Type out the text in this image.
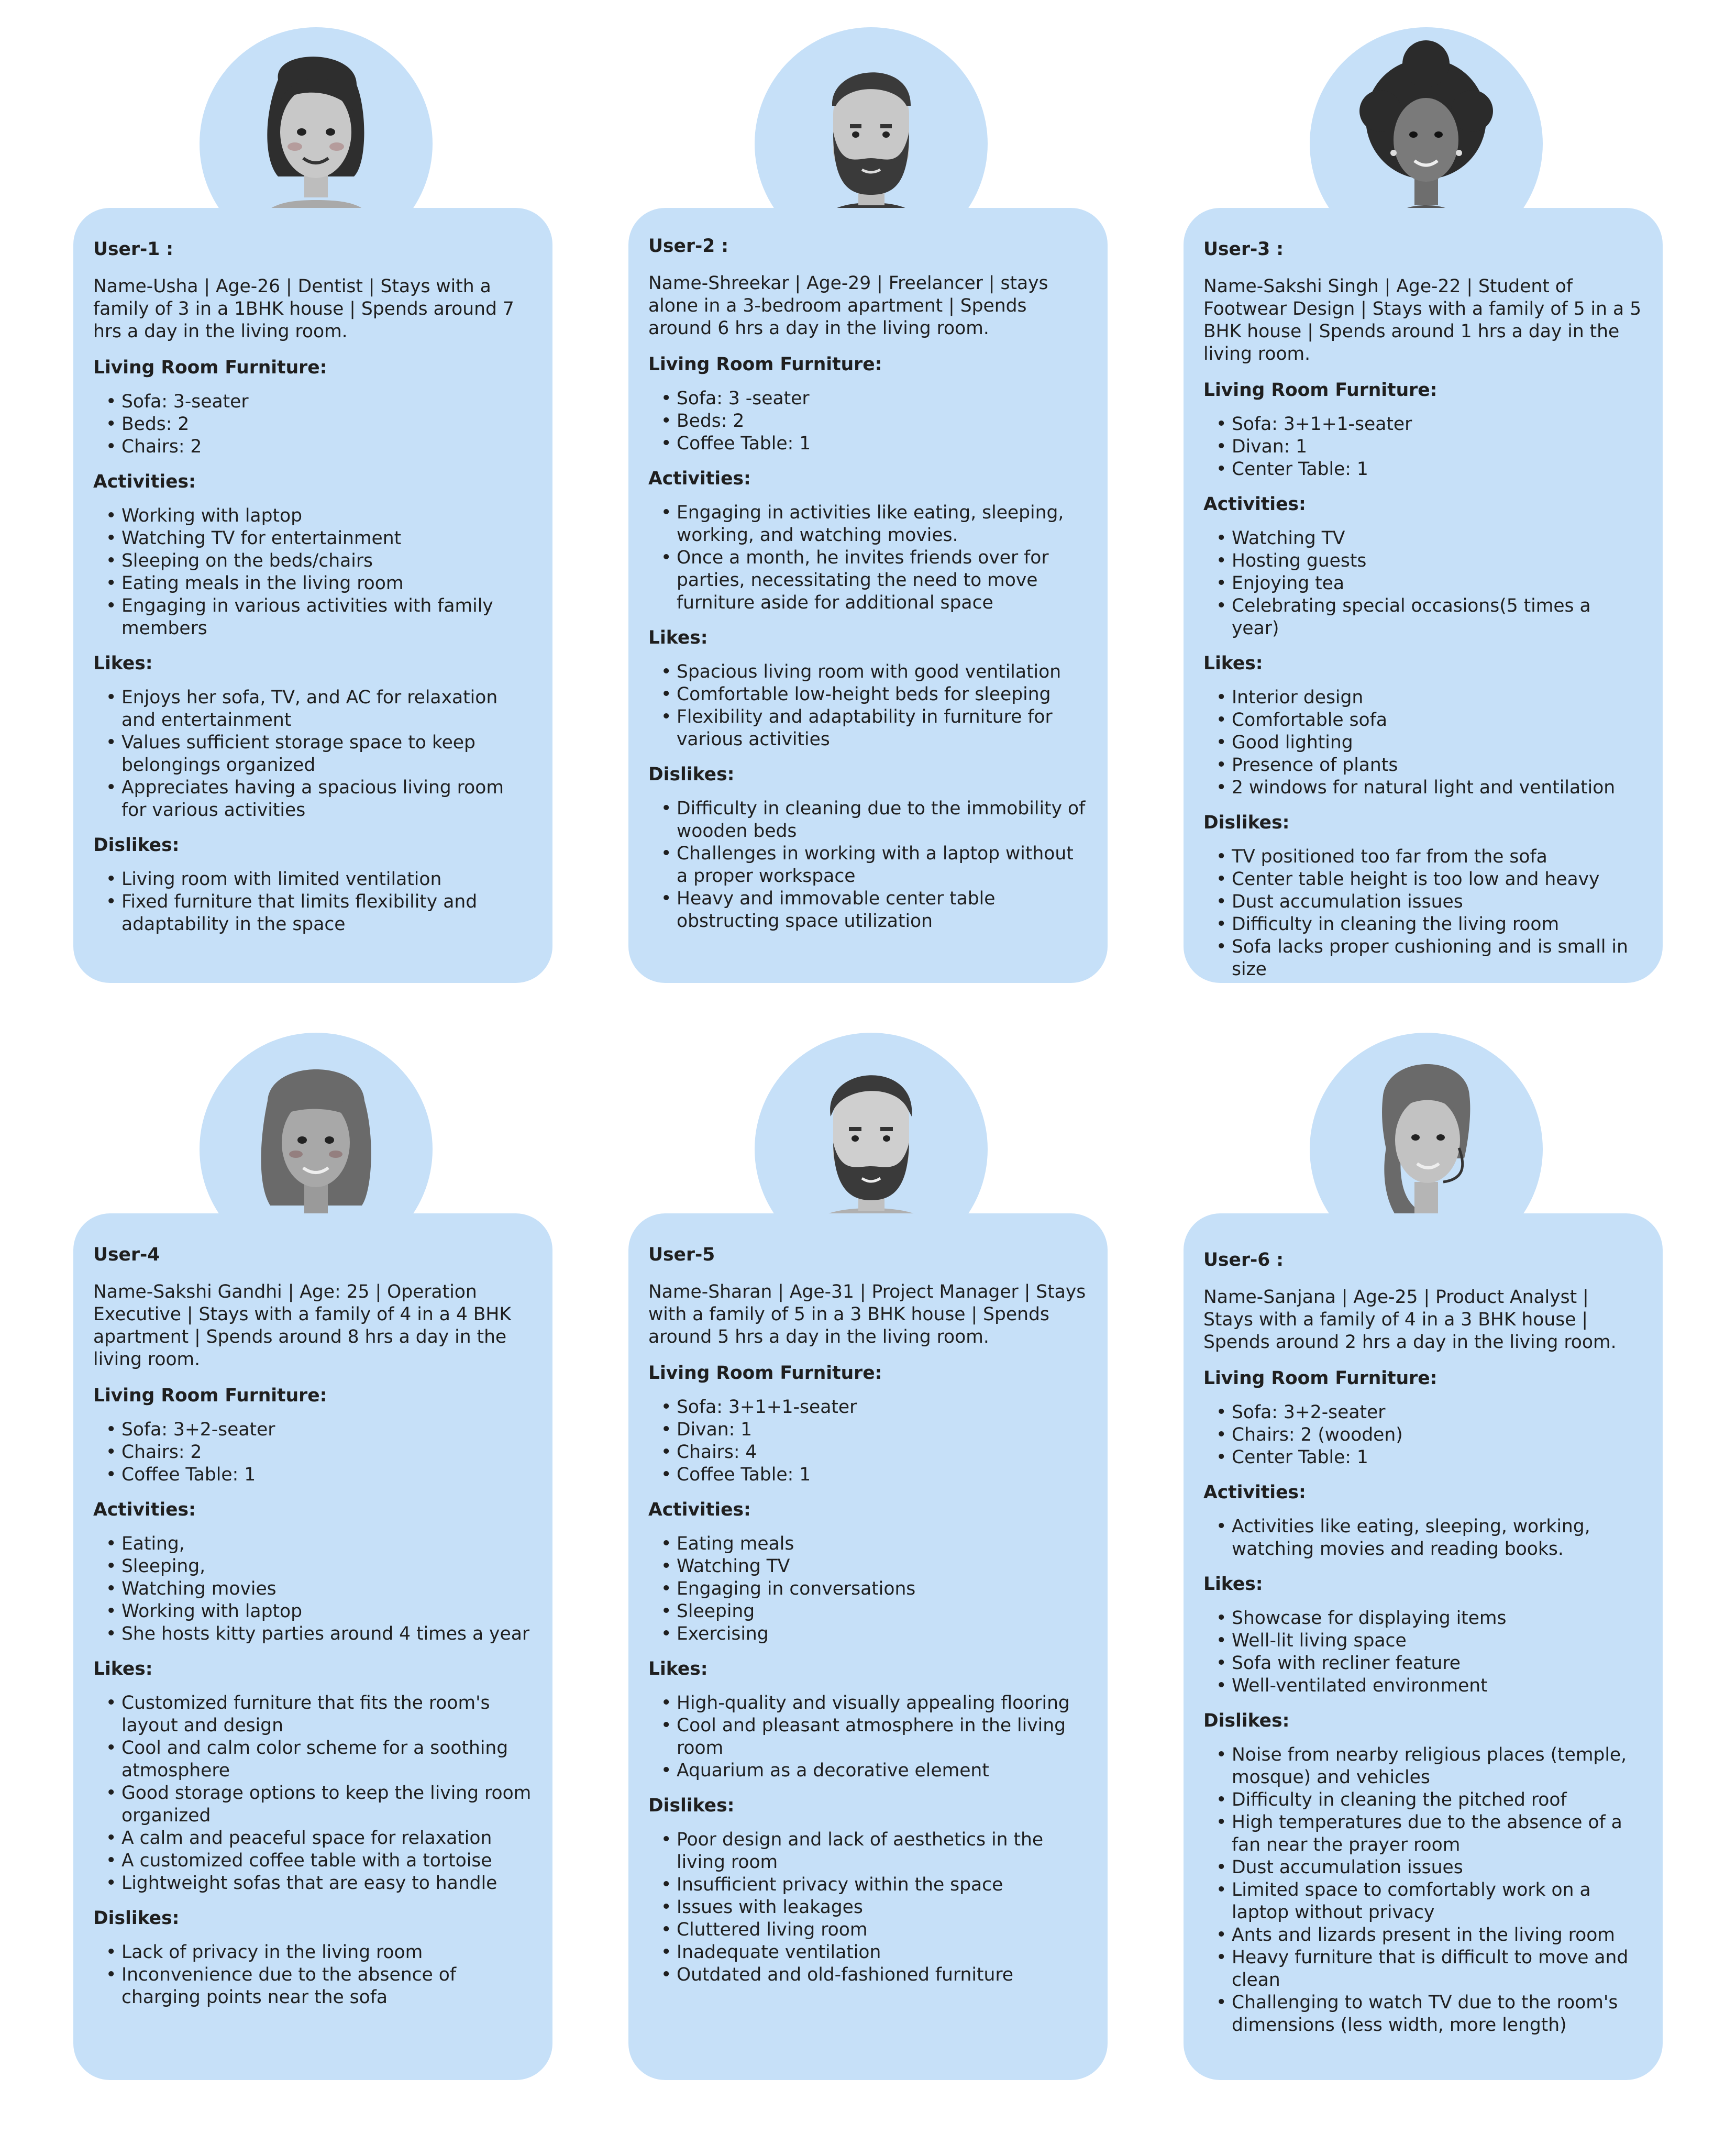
User-1 :

Name-Usha | Age-26 | Dentist | Stays with a family of 3 in a 1BHK house | Spends around 7 hrs a day in the living room.

Living Room Furniture:
• Sofa: 3-seater
• Beds: 2
• Chairs: 2
Activities:
• Working with laptop
• Watching TV for entertainment
• Sleeping on the beds/chairs
• Eating meals in the living room
• Engaging in various activities with family members
Likes:
• Enjoys her sofa, TV, and AC for relaxation and entertainment
• Values sufficient storage space to keep belongings organized
• Appreciates having a spacious living room for various activities
Dislikes:
• Living room with limited ventilation
• Fixed furniture that limits flexibility and adaptability in the space
User-2 :

Name-Shreekar | Age-29 | Freelancer | stays alone in a 3-bedroom apartment | Spends around 6 hrs a day in the living room.

Living Room Furniture:
• Sofa: 3 -seater
• Beds: 2
• Coffee Table: 1
Activities:
• Engaging in activities like eating, sleeping, working, and watching movies.
• Once a month, he invites friends over for parties, necessitating the need to move furniture aside for additional space
Likes:
• Spacious living room with good ventilation
• Comfortable low-height beds for sleeping
• Flexibility and adaptability in furniture for various activities
Dislikes:
• Difficulty in cleaning due to the immobility of wooden beds
• Challenges in working with a laptop without a proper workspace
• Heavy and immovable center table obstructing space utilization
User-3 :

Name-Sakshi Singh | Age-22 | Student of Footwear Design | Stays with a family of 5 in a 5 BHK house | Spends around 1 hrs a day in the living room.

Living Room Furniture:
• Sofa: 3+1+1-seater
• Divan: 1
• Center Table: 1
Activities:
• Watching TV
• Hosting guests
• Enjoying tea
• Celebrating special occasions(5 times a year)
Likes:
• Interior design
• Comfortable sofa
• Good lighting
• Presence of plants
• 2 windows for natural light and ventilation
Dislikes:
• TV positioned too far from the sofa
• Center table height is too low and heavy
• Dust accumulation issues
• Difficulty in cleaning the living room
• Sofa lacks proper cushioning and is small in size
User-4

Name-Sakshi Gandhi | Age: 25 | Operation Executive | Stays with a family of 4 in a 4 BHK apartment | Spends around 8 hrs a day in the living room.

Living Room Furniture:
• Sofa: 3+2-seater
• Chairs: 2
• Coffee Table: 1
Activities:
• Eating,
• Sleeping,
• Watching movies
• Working with laptop
• She hosts kitty parties around 4 times a year
Likes:
• Customized furniture that fits the room's layout and design
• Cool and calm color scheme for a soothing atmosphere
• Good storage options to keep the living room organized
• A calm and peaceful space for relaxation
• A customized coffee table with a tortoise
• Lightweight sofas that are easy to handle
Dislikes:
• Lack of privacy in the living room
• Inconvenience due to the absence of charging points near the sofa
User-5

Name-Sharan | Age-31 | Project Manager | Stays with a family of 5 in a 3 BHK house | Spends around 5 hrs a day in the living room.

Living Room Furniture:
• Sofa: 3+1+1-seater
• Divan: 1
• Chairs: 4
• Coffee Table: 1
Activities:
• Eating meals
• Watching TV
• Engaging in conversations
• Sleeping
• Exercising
Likes:
• High-quality and visually appealing flooring
• Cool and pleasant atmosphere in the living room
• Aquarium as a decorative element
Dislikes:
• Poor design and lack of aesthetics in the living room
• Insufficient privacy within the space
• Issues with leakages
• Cluttered living room
• Inadequate ventilation
• Outdated and old-fashioned furniture
User-6 :

Name-Sanjana | Age-25 | Product Analyst | Stays with a family of 4 in a 3 BHK house | Spends around 2 hrs a day in the living room.

Living Room Furniture:
• Sofa: 3+2-seater
• Chairs: 2 (wooden)
• Center Table: 1
Activities:
• Activities like eating, sleeping, working, watching movies and reading books.
Likes:
• Showcase for displaying items
• Well-lit living space
• Sofa with recliner feature
• Well-ventilated environment
Dislikes:
• Noise from nearby religious places (temple, mosque) and vehicles
• Difficulty in cleaning the pitched roof
• High temperatures due to the absence of a fan near the prayer room
• Dust accumulation issues
• Limited space to comfortably work on a laptop without privacy
• Ants and lizards present in the living room
• Heavy furniture that is difficult to move and clean
• Challenging to watch TV due to the room's dimensions (less width, more length)
